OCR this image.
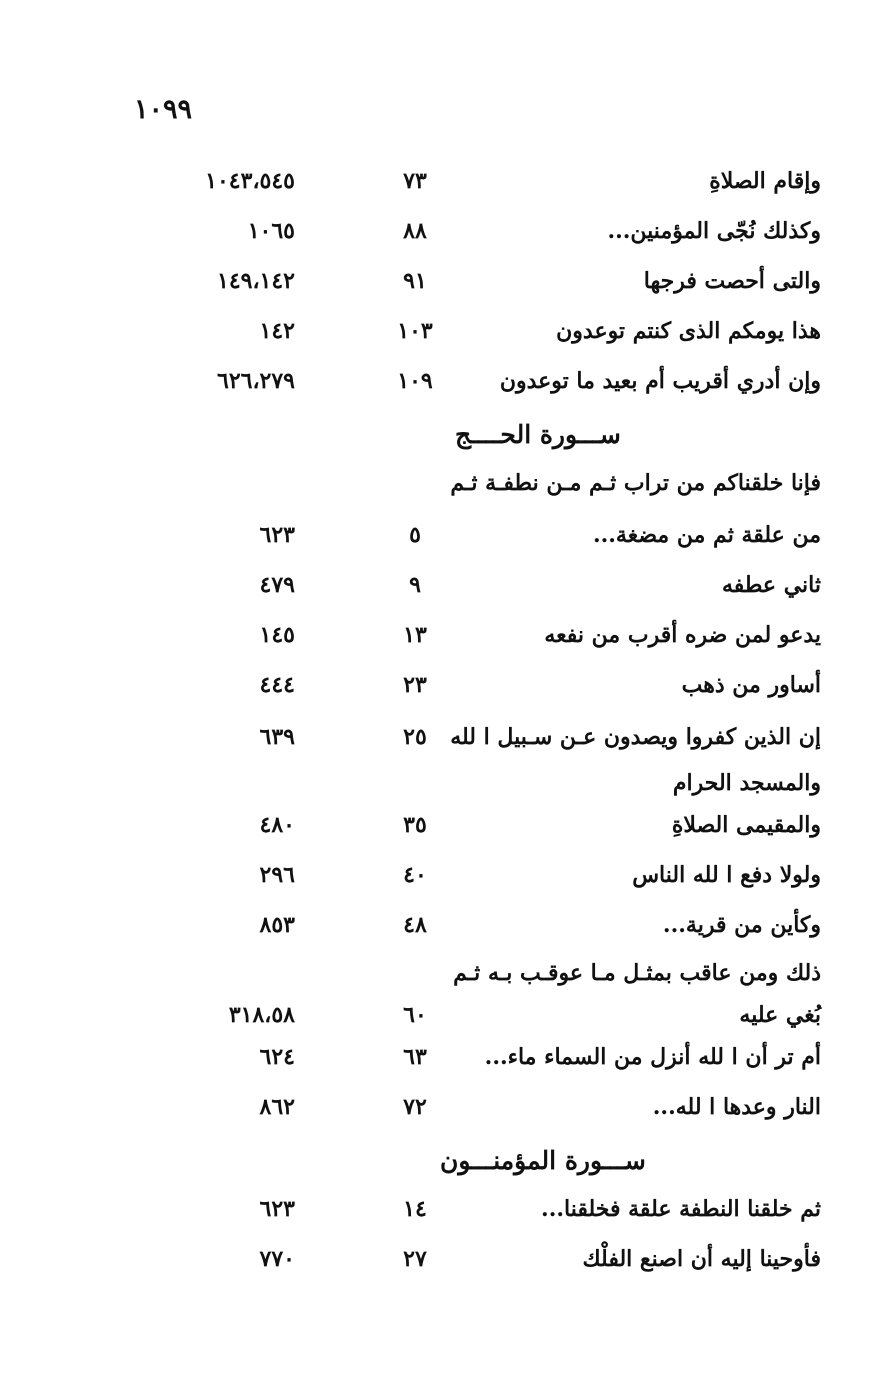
١٠٩٩
وإقام الصلاةِ
٧٣
١٠٤٣،٥٤٥
وكذلك نُجّى المؤمنين...
٨٨
١٠٦٥
والتى أحصت فرجها
٩١
١٤٩،١٤٢
هذا يومكم الذى كنتم توعدون
١٠٣
١٤٢
وإن أدري أقريب أم بعيد ما توعدون
١٠٩
٦٢٦،٢٧٩
ســـورة الحــــج
فإنا خلقناكم من تراب ثـم مـن نطفـة ثـم
من علقة ثم من مضغة...
٥
٦٢٣
ثاني عطفه
٩
٤٧٩
يدعو لمن ضره أقرب من نفعه
١٣
١٤٥
أساور من ذهب
٢٣
٤٤٤
إن الذين كفروا ويصدون عـن سـبيل ا لله
٢٥
٦٣٩
والمسجد الحرام
والمقيمى الصلاةِ
٣٥
٤٨٠
ولولا دفع ا لله الناس
٤٠
٢٩٦
وكأين من قرية...
٤٨
٨٥٣
ذلك ومن عاقب بمثـل مـا عوقـب بـه ثـم
بُغي عليه
٦٠
٣١٨،٥٨
أم تر أن ا لله أنزل من السماء ماء...
٦٣
٦٢٤
النار وعدها ا لله...
٧٢
٨٦٢
ســـورة المؤمنـــون
ثم خلقنا النطفة علقة فخلقنا...
١٤
٦٢٣
فأوحينا إليه أن اصنع الفلْك
٢٧
٧٧٠
